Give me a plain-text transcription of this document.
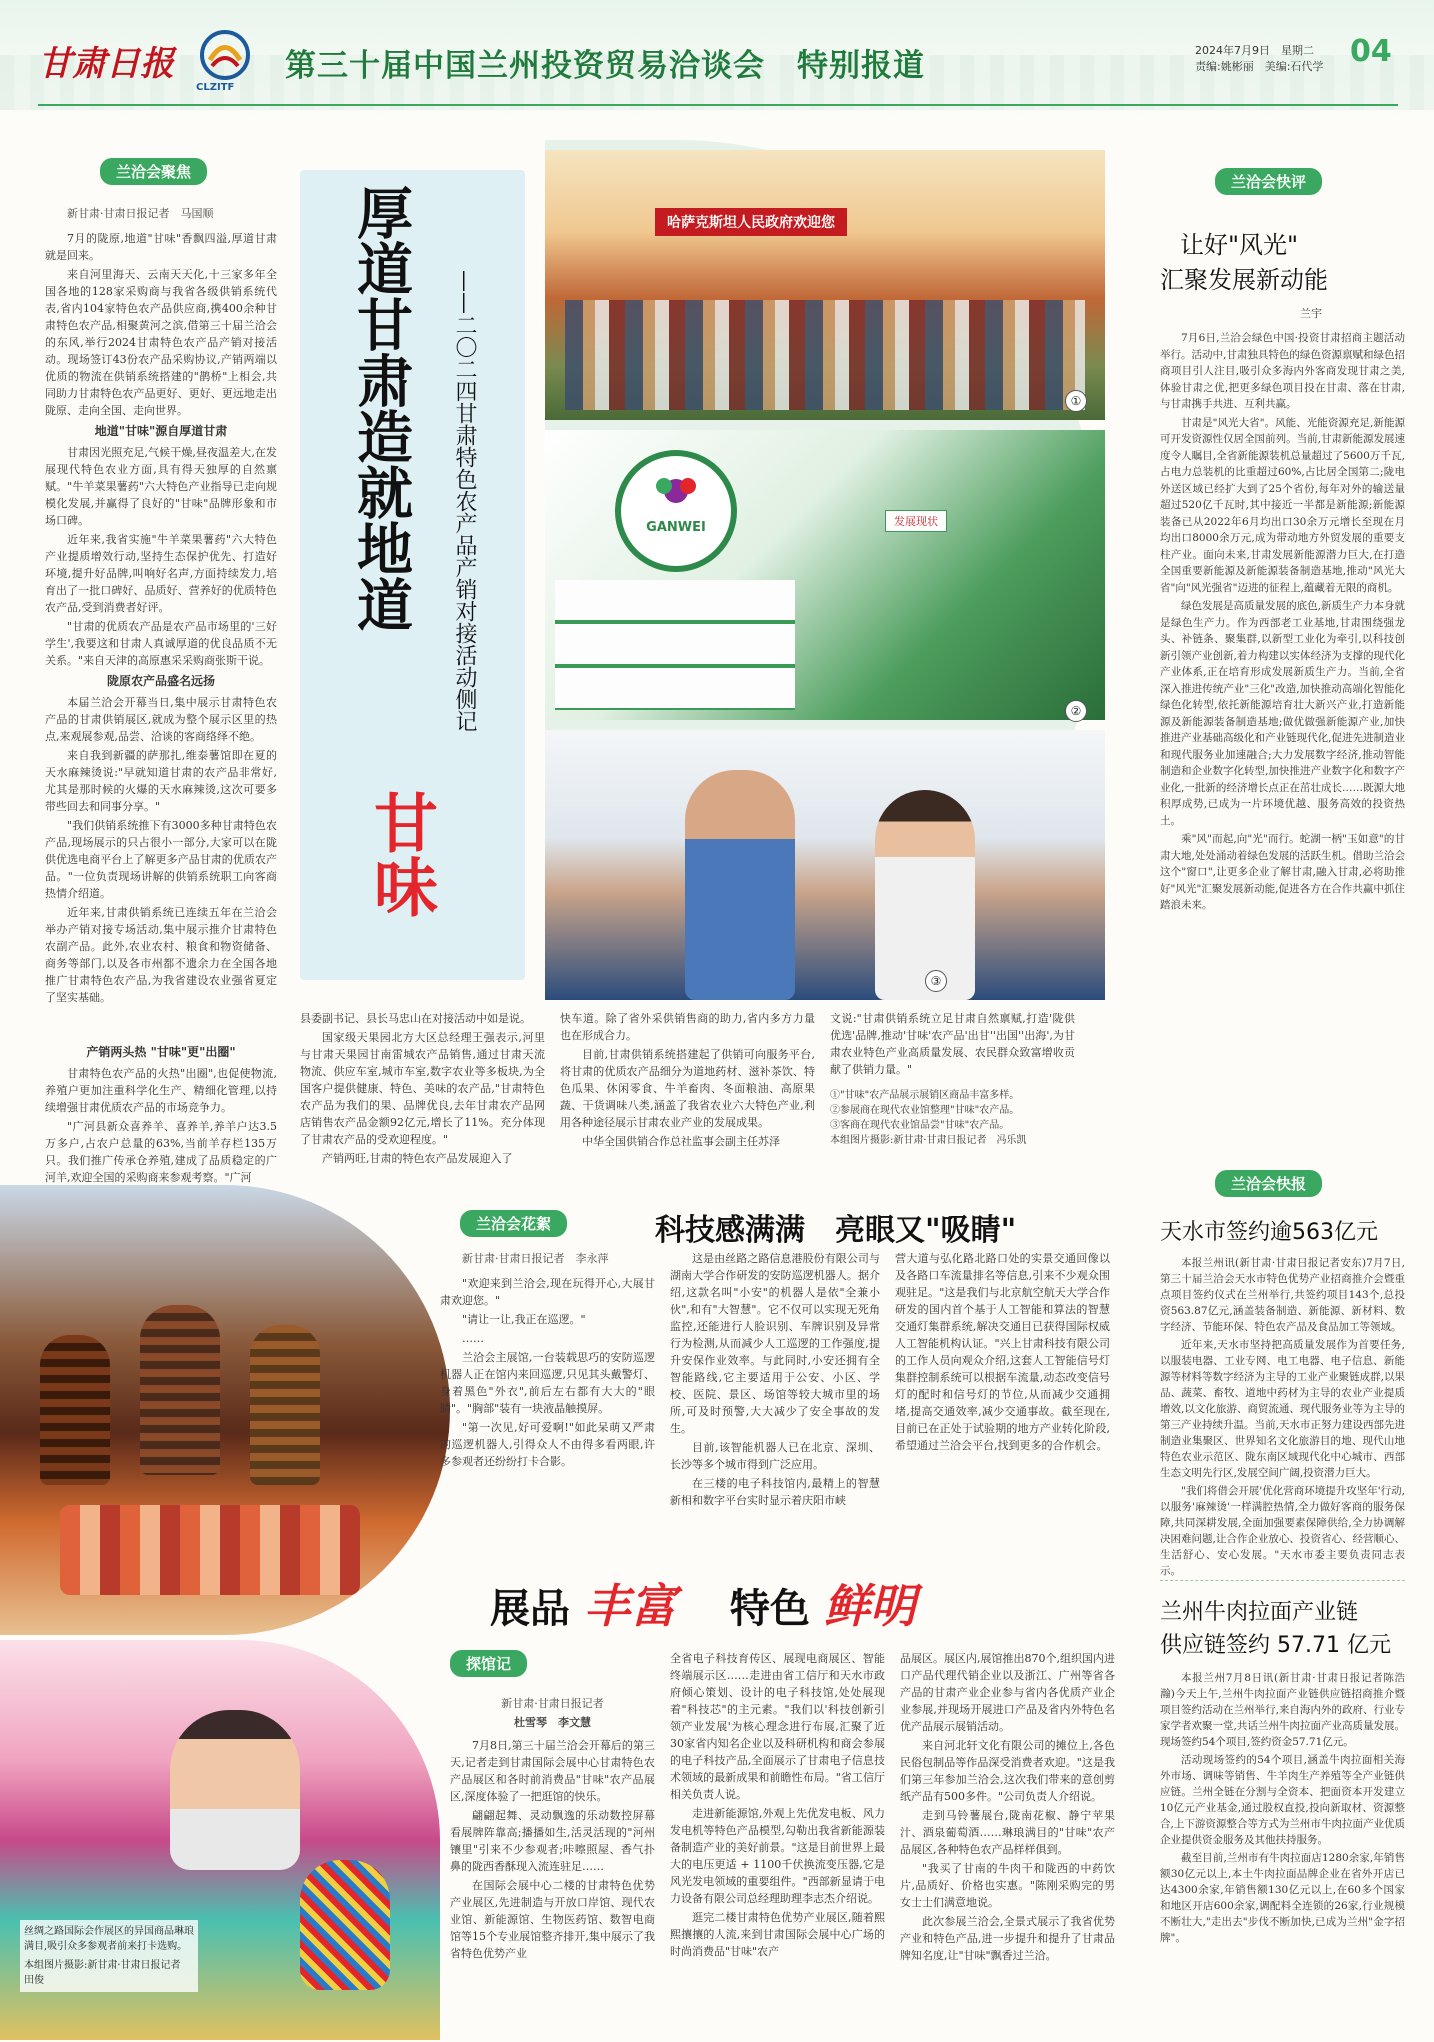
甘肃日报
CLZITF
第三十届中国兰州投资贸易洽谈会　特别报道	2024年7月9日　星期二
责编:姚彬丽　美编:石代学 04
兰洽会聚焦

新甘肃·甘肃日报记者　马国顺

7月的陇原,地道"甘味"香飘四溢,厚道甘肃就是回来。

来自河里海天、云南天天化,十三家多年全国各地的128家采购商与我省各级供销系统代表,省内104家特色农产品供应商,携400余种甘肃特色农产品,相聚黄河之滨,借第三十届兰洽会的东风,举行2024甘肃特色农产品产销对接活动。现场签订43份农产品采购协议,产销两端以优质的物流在供销系统搭建的"鹊桥"上相会,共同助力甘肃特色农产品更好、更好、更远地走出陇原、走向全国、走向世界。

地道"甘味"源自厚道甘肃

甘肃因光照充足,气候干燥,昼夜温差大,在发展现代特色农业方面,具有得天独厚的自然禀赋。"牛羊菜果薯药"六大特色产业指导已走向规模化发展,并赢得了良好的"甘味"品牌形象和市场口碑。

近年来,我省实施"牛羊菜果薯药"六大特色产业提质增效行动,坚持生态保护优先、打造好环境,提升好品牌,叫响好名声,方面持续发力,培育出了一批口碑好、品质好、营养好的优质特色农产品,受到消费者好评。

"甘肃的优质农产品是农产品市场里的'三好学生',我要这和甘肃人真诚厚道的优良品质不无关系。"来自天津的高原惠采采购商张斯干说。

陇原农产品盛名远扬

本届兰洽会开幕当日,集中展示甘肃特色农产品的甘肃供销展区,就成为整个展示区里的热点,来观展参观,品尝、洽谈的客商络绎不绝。

来自我到新疆的萨那扎,维泰薯馆即在夏的天水麻辣烫说:"早就知道甘肃的农产品非常好,尤其是那时候的火爆的天水麻辣烫,这次可要多带些回去和同事分享。"

"我们供销系统推下有3000多种甘肃特色农产品,现场展示的只占很小一部分,大家可以在陇供优选电商平台上了解更多产品甘肃的优质农产品。"一位负责现场讲解的供销系统职工向客商热情介绍道。

近年来,甘肃供销系统已连续五年在兰洽会举办产销对接专场活动,集中展示推介甘肃特色农副产品。此外,农业农村、粮食和物资储备、商务等部门,以及各市州都不遗余力在全国各地推广甘肃特色农产品,为我省建设农业强省夏定了坚实基础。

产销两头热 "甘味"更"出圈"

甘肃特色农产品的火热"出圈",也促使物流,养殖户更加注重科学化生产、精细化管理,以持续增强甘肃优质农产品的市场竞争力。

"广河县新众喜养羊、喜养羊,养羊户达3.5万多户,占农户总量的63%,当前羊存栏135万只。我们推广传承仓养殖,建成了品质稳定的广河羊,欢迎全国的采购商来参观考察。"广河

厚道甘肃造就地道
甘味
——二〇二四甘肃特色农产品产销对接活动侧记
哈萨克斯坦人民政府欢迎您
GANWEI	发展现状
①
②
③

县委副书记、县长马忠山在对接活动中如是说。

国家级天果园北方大区总经理王强表示,河里与甘肃天果园甘南雷城农产品销售,通过甘肃天流物流、供应车室,城市车室,数字农业等多板块,为全国客户提供健康、特色、美味的农产品,"甘肃特色农产品为我们的果、品牌优良,去年甘肃农产品网店销售农产品金额92亿元,增长了11%。充分体现了甘肃农产品的受欢迎程度。"

产销两旺,甘肃的特色农产品发展迎入了

快车道。除了省外采供销售商的助力,省内多方力量也在形成合力。

目前,甘肃供销系统搭建起了供销可向服务平台,将甘肃的优质农产品细分为道地药材、滋补茶饮、特色瓜果、休闲零食、牛羊畜肉、冬面粮油、高原果蔬、干货调味八类,涵盖了我省农业六大特色产业,利用各种途径展示甘肃农业产业的发展成果。

中华全国供销合作总社监事会副主任苏泽

文说:"甘肃供销系统立足甘肃自然禀赋,打造'陇供优选'品牌,推动'甘味'农产品'出甘''出国''出海',为甘肃农业特色产业高质量发展、农民群众致富增收贡献了供销力量。"

①"甘味"农产品展示展销区商品丰富多样。
②参展商在现代农业馆整理"甘味"农产品。
③客商在现代农业馆品尝"甘味"农产品。
本组图片摄影:新甘肃·甘肃日报记者　冯乐凯
兰洽会快评
让好"风光"
汇聚发展新动能
兰宇

7月6日,兰洽会绿色中国·投资甘肃招商主题活动举行。活动中,甘肃独具特色的绿色资源禀赋和绿色招商项目引人注目,吸引众多海内外客商发现甘肃之美,体验甘肃之优,把更多绿色项目投在甘肃、落在甘肃,与甘肃携手共进、互利共赢。

甘肃是"风光大省"。风能、光能资源充足,新能源可开发资源性仅居全国前列。当前,甘肃新能源发展速度令人瞩目,全省新能源装机总量超过了5600万千瓦,占电力总装机的比重超过60%,占比居全国第二;陇电外送区域已经扩大到了25个省份,每年对外的输送量超过520亿千瓦时,其中接近一半都是新能源;新能源装备已从2022年6月均出口30余万元增长至现在月均出口8000余万元,成为带动地方外贸发展的重要支柱产业。面向未来,甘肃发展新能源潜力巨大,在打造全国重要新能源及新能源装备制造基地,推动"风光大省"向"风光强省"迈进的征程上,蕴藏着无限的商机。

绿色发展是高质量发展的底色,新质生产力本身就是绿色生产力。作为西部老工业基地,甘肃围绕强龙头、补链条、聚集群,以新型工业化为牵引,以科技创新引领产业创新,着力构建以实体经济为支撑的现代化产业体系,正在培育形成发展新质生产力。当前,全省深入推进传统产业"三化"改造,加快推动高端化智能化绿色化转型,依托新能源培育壮大新兴产业,打造新能源及新能源装备制造基地;做优做强新能源产业,加快推进产业基础高级化和产业链现代化,促进先进制造业和现代服务业加速融合;大力发展数字经济,推动智能制造和企业数字化转型,加快推进产业数字化和数字产业化,一批新的经济增长点正在茁壮成长……既源大地积厚成势,已成为一片环境优越、服务高效的投资热土。

乘"风"而起,向"光"而行。蛇湖一柄"玉如意"的甘肃大地,处处涌动着绿色发展的活跃生机。借助兰洽会这个"窗口",让更多企业了解甘肃,融入甘肃,必将助推好"风光"汇聚发展新动能,促进各方在合作共赢中抓住踏浪未来。

兰洽会快报
天水市签约逾563亿元

本报兰州讯(新甘肃·甘肃日报记者安东)7月7日,第三十届兰洽会天水市特色优势产业招商推介会暨重点项目签约仪式在兰州举行,共签约项目143个,总投资563.87亿元,涵盖装备制造、新能源、新材料、数字经济、节能环保、特色农产品及食品加工等领域。

近年来,天水市坚持把高质量发展作为首要任务,以服装电器、工业专网、电工电器、电子信息、新能源等材料等数字经济为主导的工业产业聚链成群,以果品、蔬菜、畜牧、道地中药材为主导的农业产业提质增效,以文化旅游、商贸流通、现代服务业等为主导的第三产业持续升温。当前,天水市正努力建设西部先进制造业集聚区、世界知名文化旅游目的地、现代山地特色农业示范区、陇东南区域现代化中心城市、西部生态文明先行区,发展空间广阔,投资潜力巨大。

"我们将借会开展'优化营商环境提升攻坚年'行动,以服务'麻辣烫'一样满腔热情,全力做好客商的服务保障,共同深耕发展,全面加强要素保障供给,全力协调解决困难问题,让合作企业放心、投资省心、经营顺心、生活舒心、安心发展。"天水市委主要负责同志表示。

兰州牛肉拉面产业链
供应链签约 57.71 亿元

本报兰州7月8日讯(新甘肃·甘肃日报记者陈浩瀚)今天上午,兰州牛肉拉面产业链供应链招商推介暨项目签约活动在兰州举行,来自海内外的政府、行业专家学者欢聚一堂,共话兰州牛肉拉面产业高质量发展。现场签约54个项目,签约资金57.71亿元。

活动现场签约的54个项目,涵盖牛肉拉面相关海外市场、调味等销售、牛羊肉生产养殖等全产业链供应链。兰州全链在分割与全资本、把面资本开发建立10亿元产业基金,通过股权直投,投向新取材、资源整合,上下游资源整合等方式为兰州市牛肉拉面产业优质企业提供资金服务及其他扶持服务。

截至目前,兰州市有牛肉拉面店1280余家,年销售额30亿元以上,本土牛肉拉面品牌企业在省外开店已达4300余家,年销售额130亿元以上,在60多个国家和地区开店600余家,调配料全连锁的26家,行业规模不断壮大,"走出去"步伐不断加快,已成为兰州"金字招牌"。

兰洽会花絮	科技感满满　亮眼又"吸睛"

新甘肃·甘肃日报记者　李永萍

"欢迎来到兰洽会,现在玩得开心,大展甘肃欢迎您。"

"请让一让,我正在巡逻。"

……

兰洽会主展馆,一台装载思巧的安防巡逻机器人正在馆内来回巡逻,只见其头戴警灯、身着黑色"外衣",前后左右都有大大的"眼睛"。"胸部"装有一块液晶触摸屏。

"第一次见,好可爱啊!"如此呆萌又严肃的巡逻机器人,引得众人不由得多看两眼,许多参观者还纷纷打卡合影。

这是由丝路之路信息港股份有限公司与湖南大学合作研发的安防巡逻机器人。据介绍,这款名叫"小安"的机器人是依"全兼小伙",和有"大智慧"。它不仅可以实现无死角监控,还能进行人脸识别、车牌识别及异常行为检测,从而减少人工巡逻的工作强度,提升安保作业效率。与此同时,小安还拥有全智能路线,它主要适用于公安、小区、学校、医院、景区、场馆等较大城市里的场所,可及时预警,大大减少了安全事故的发生。

目前,该智能机器人已在北京、深圳、长沙等多个城市得到广泛应用。

在三楼的电子科技馆内,最精上的智慧新相和数字平台实时显示着庆阳市峡

营大道与弘化路北路口处的实景交通回像以及各路口车流量排名等信息,引来不少观众围观驻足。"这是我们与北京航空航天大学合作研发的国内首个基于人工智能和算法的智慧交通灯集群系统,解决交通目已获得国际权威人工智能机构认证。"兴上甘肃科技有限公司的工作人员向观众介绍,这套人工智能信号灯集群控制系统可以根据车流量,动态改变信号灯的配时和信号灯的节位,从而减少交通拥堵,提高交通效率,减少交通事故。截至现在,目前已在正处于试验期的地方产业转化阶段,希望通过兰洽会平台,找到更多的合作机会。

展品 丰富 特色 鲜明
丝绸之路国际会作展区的异国商品琳琅满目,吸引众多参观者前来打卡选购。
本组图片摄影:新甘肃·甘肃日报记者　田俊
探馆记

新甘肃·甘肃日报记者

杜雪琴　李文慧

7月8日,第三十届兰洽会开幕后的第三天,记者走到甘肃国际会展中心甘肃特色农产品展区和各时前消费品"甘味"农产品展区,深度体验了一把逛馆的快乐。

翩翩起舞、灵动飘逸的乐动数控屏幕看展牌阵靠高;播播如生,活灵活现的"河州镶里"引来不少参观者;咔嚓照屋、香气扑鼻的陇西香酥现入流连驻足……

在国际会展中心二楼的甘肃特色优势产业展区,先进制造与开放口岸馆、现代农业馆、新能源馆、生物医药馆、数智电商馆等15个专业展馆整齐排开,集中展示了我省特色优势产业

全省电子科技育传区、展现电商展区、智能终端展示区……走进由省工信厅和天水市政府倾心策划、设计的电子科技馆,处处展现着"科技芯"的主元素。"我们以'科技创新引领产业发展'为核心理念进行布展,汇聚了近30家省内知名企业以及科研机构和商会参展的电子科技产品,全面展示了甘肃电子信息技术领域的最新成果和前瞻性布局。"省工信厅相关负责人说。

走进新能源馆,外观上先优发电板、风力发电机等特色产品模型,勾勒出我省新能源装备制造产业的美好前景。"这是目前世界上最大的电压更适 + 1100千伏换流变压器,它是风光发电领域的重要组件。"西部新显请于电力设备有限公司总经理助理李志杰介绍说。

逛完二楼甘肃特色优势产业展区,随着熙熙攘攘的人流,来到甘肃国际会展中心广场的时尚消费品"甘味"农产

品展区。展区内,展馆推出870个,组织国内进口产品代理代销企业以及浙江、广州等省各产品的甘肃产业企业参与省内各优质产业企业参展,并现场开展进口产品及省内外特色名优产品展示展销活动。

来自河北轩文化有限公司的摊位上,各色民俗包制品等作品深受消费者欢迎。"这是我们第三年参加兰洽会,这次我们带来的意创剪纸产品有500多件。"公司负责人介绍说。

走到马铃薯展台,陇南花椒、静宁苹果汁、酒泉葡萄酒……琳琅满目的"甘味"农产品展区,各种特色农产品样样俱到。

"我买了甘南的牛肉干和陇西的中药饮片,品质好、价格也实惠。"陈刚采购完的男女士士们满意地说。

此次参展兰洽会,全景式展示了我省优势产业和特色产品,进一步提升和提升了甘肃品牌知名度,让"甘味"飘香过兰洽。
